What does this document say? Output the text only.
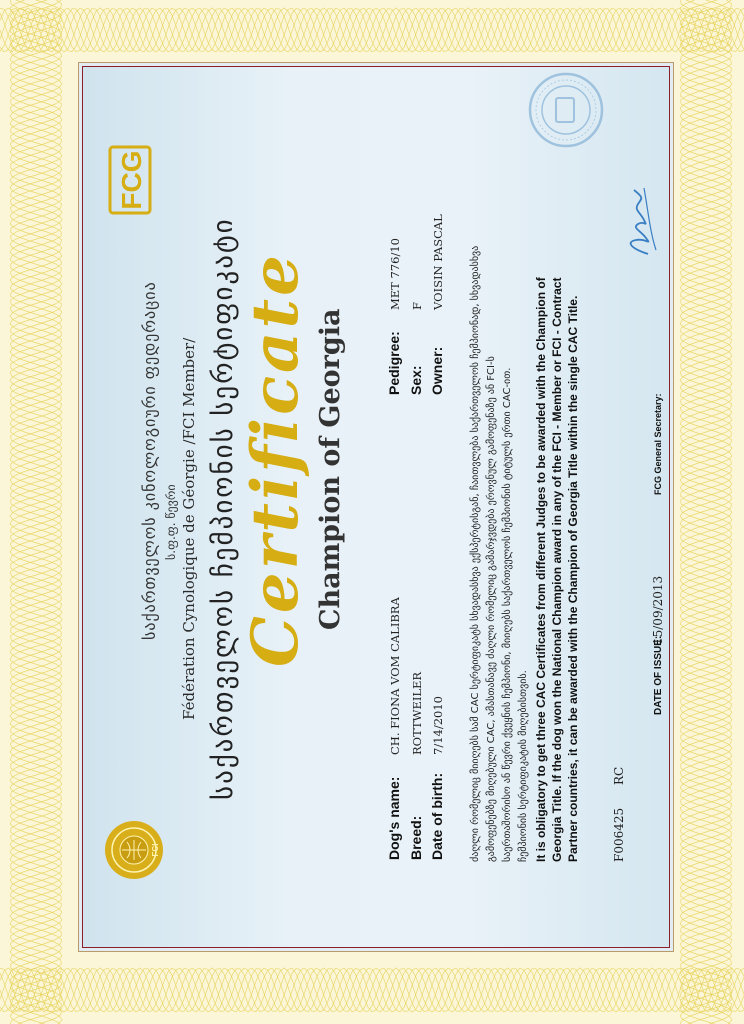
საქართველოს კინოლოგიური ფედერაცია ს.ფ.ფ. წევრი Fédération Cynologique de Géorgie /FCI Member/ საქართველოს ჩემპიონის სერტიფიკატი Certificate Champion of Georgia
Dog's name:
CH. FIONA VOM CALIBRA
Breed:
ROTTWEILER
Date of birth:
7/14/2010
Pedigree:
MET 776/10
Sex:
F
Owner:
VOISIN PASCAL	ძაღლი რომელიც მიიღებს სამ CAC სერტიფიკატს სხვადასხვა ექსპერტისგან, ჩაითვლება საქართველოს ჩემპიონად, სხვადასხვა გამოფენებზე მიღებული CAC, ამასთანავე ძაღლი რომელიც გამარჯვდება ეროვნულ გამოფენაზე ან FCI-ს საერთაშორისო ან წევრი ქვეყნის ჩემპიონი, მიიღებს საქართველოს ჩემპიონის ტიტულს ერთი CAC-ით. ჩემპიონის სერტიფიკატის მიღებისთვის. It is obligatory to get three CAC Certificates from different Judges to be awarded with the Champion of Georgia Title. If the dog won the National Champion award in any of the FCI - Member or FCI - Contract Partner countries, it can be awarded with the Champion of Georgia Title within the single CAC Title.	F006425
RC
DATE OF ISSUE:
15/09/2013
FCG General Secretary:
FCG
FCI
